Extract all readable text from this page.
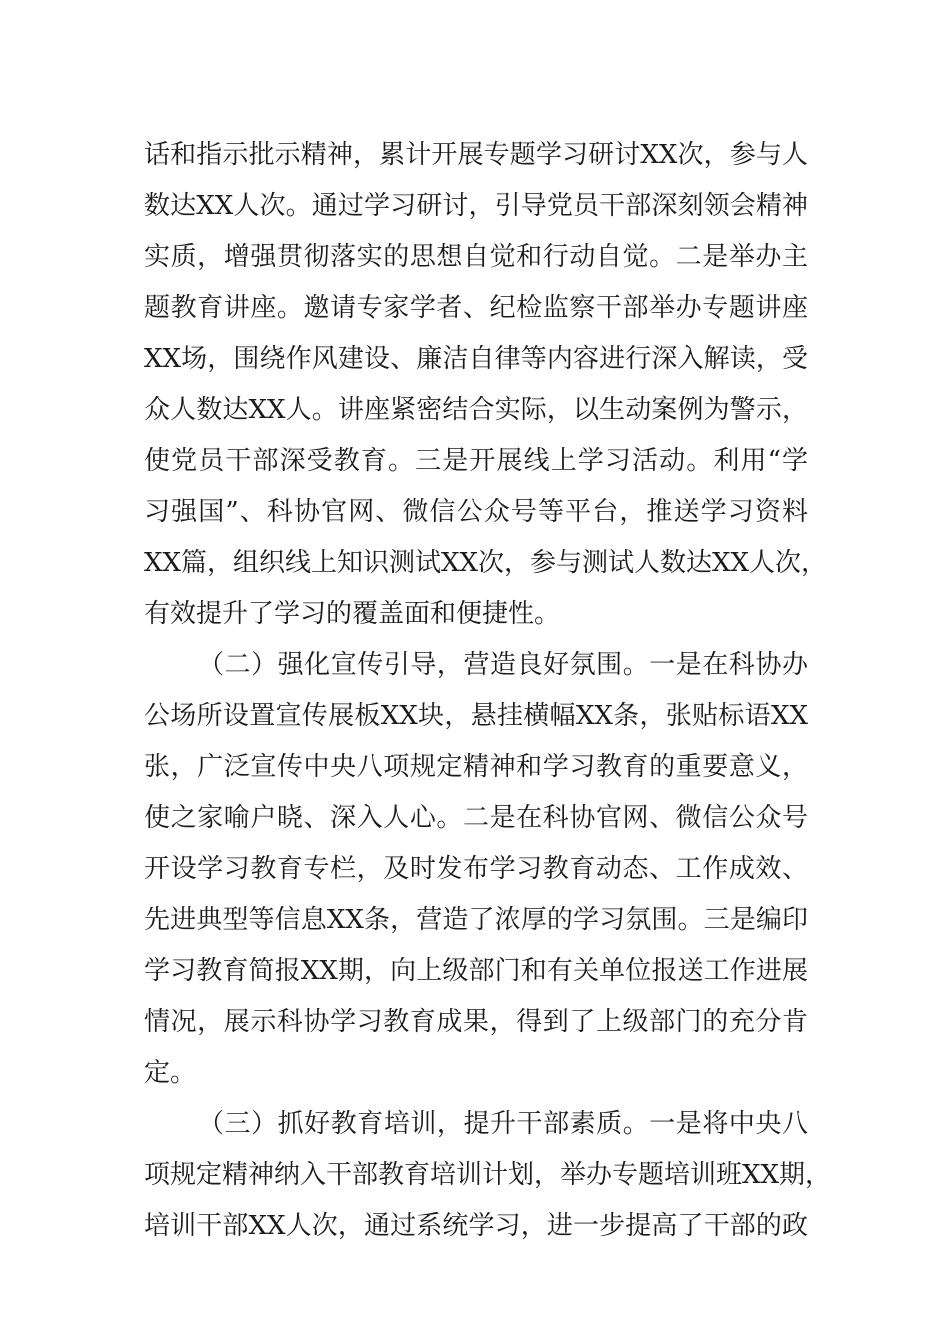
话和指示批示精神，累计开展专题学习研讨XX次，参与人
数达XX人次。通过学习研讨，引导党员干部深刻领会精神
实质，增强贯彻落实的思想自觉和行动自觉。二是举办主
题教育讲座。邀请专家学者、纪检监察干部举办专题讲座
XX场，围绕作风建设、廉洁自律等内容进行深入解读，受
众人数达XX人。讲座紧密结合实际，以生动案例为警示，
使党员干部深受教育。三是开展线上学习活动。利用“学
习强国”、科协官网、微信公众号等平台，推送学习资料
XX篇，组织线上知识测试XX次，参与测试人数达XX人次，
有效提升了学习的覆盖面和便捷性。
（二）强化宣传引导，营造良好氛围。一是在科协办
公场所设置宣传展板XX块，悬挂横幅XX条，张贴标语XX
张，广泛宣传中央八项规定精神和学习教育的重要意义，
使之家喻户晓、深入人心。二是在科协官网、微信公众号
开设学习教育专栏，及时发布学习教育动态、工作成效、
先进典型等信息XX条，营造了浓厚的学习氛围。三是编印
学习教育简报XX期，向上级部门和有关单位报送工作进展
情况，展示科协学习教育成果，得到了上级部门的充分肯
定。
（三）抓好教育培训，提升干部素质。一是将中央八
项规定精神纳入干部教育培训计划，举办专题培训班XX期，
培训干部XX人次，通过系统学习，进一步提高了干部的政
